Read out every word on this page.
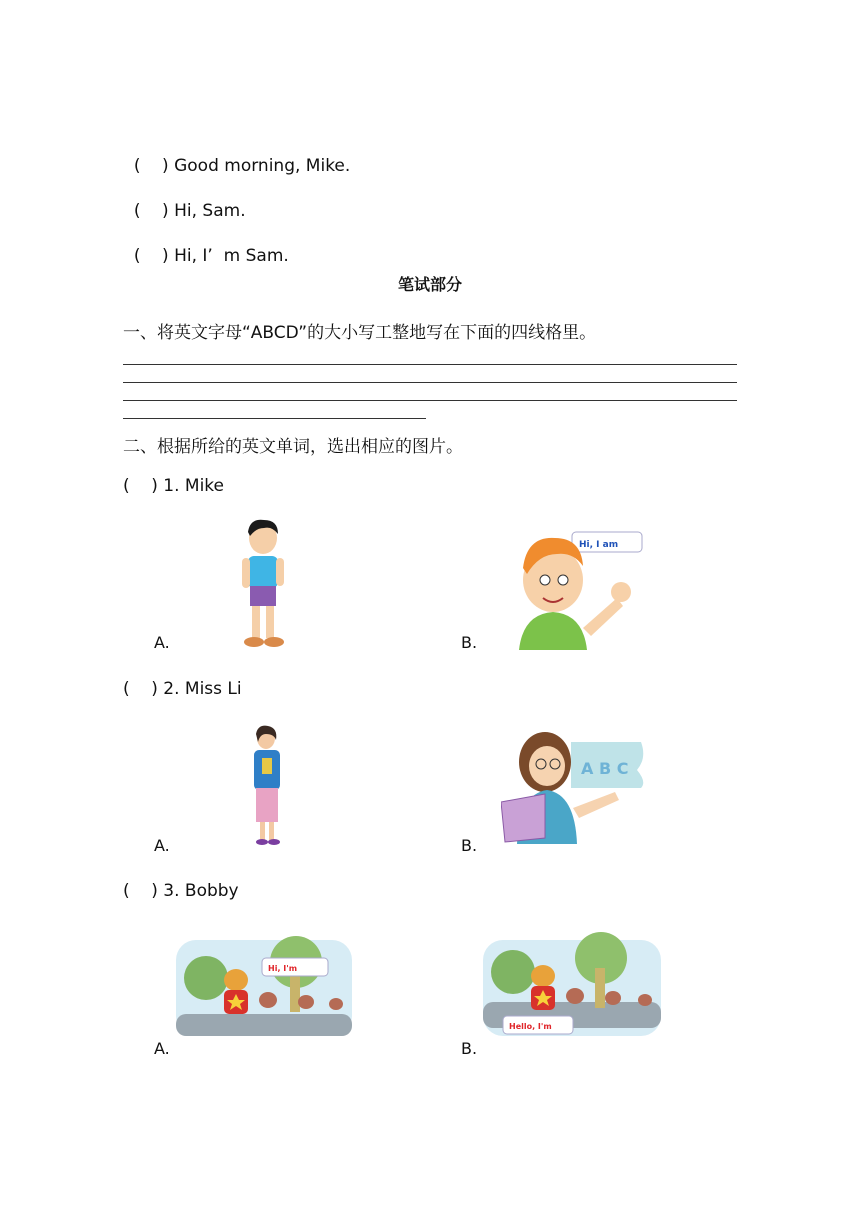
(    ) Good morning, Mike.

(    ) Hi, Sam.

(    ) Hi, I’  m Sam.

笔试部分
一、将英文字母“ABCD”的大小写工整地写在下面的四线格里。
二、根据所给的英文单词，选出相应的图片。
(    ) 1. Mike
A.	B.
Hi, I am
(    ) 2. Miss Li
A.	B.
A B C
(    ) 3. Bobby
A.	B.
Hi, I'm
Hello, I'm
